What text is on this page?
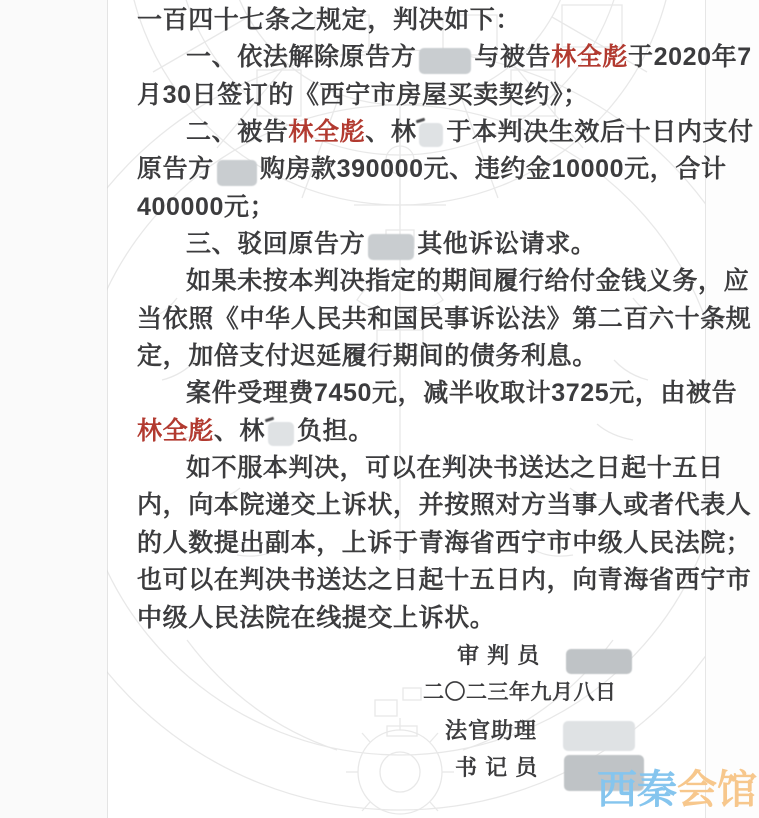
一百四十七条之规定，判决如下：
一、依法解除原告方 与被告林全彪于2020年7
月30日签订的《西宁市房屋买卖契约》；
二、被告林全彪、林 于本判决生效后十日内支付
原告方 购房款390000元、违约金10000元，合计
400000元；
三、驳回原告方 其他诉讼请求。
如果未按本判决指定的期间履行给付金钱义务，应
当依照《中华人民共和国民事诉讼法》第二百六十条规
定，加倍支付迟延履行期间的债务利息。
案件受理费7450元，减半收取计3725元，由被告
林全彪、林 负担。
如不服本判决，可以在判决书送达之日起十五日
内，向本院递交上诉状，并按照对方当事人或者代表人
的人数提出副本，上诉于青海省西宁市中级人民法院；
也可以在判决书送达之日起十五日内，向青海省西宁市
中级人民法院在线提交上诉状。
审 判 员
二〇二三年九月八日
法官助理
书 记 员
西秦会馆
